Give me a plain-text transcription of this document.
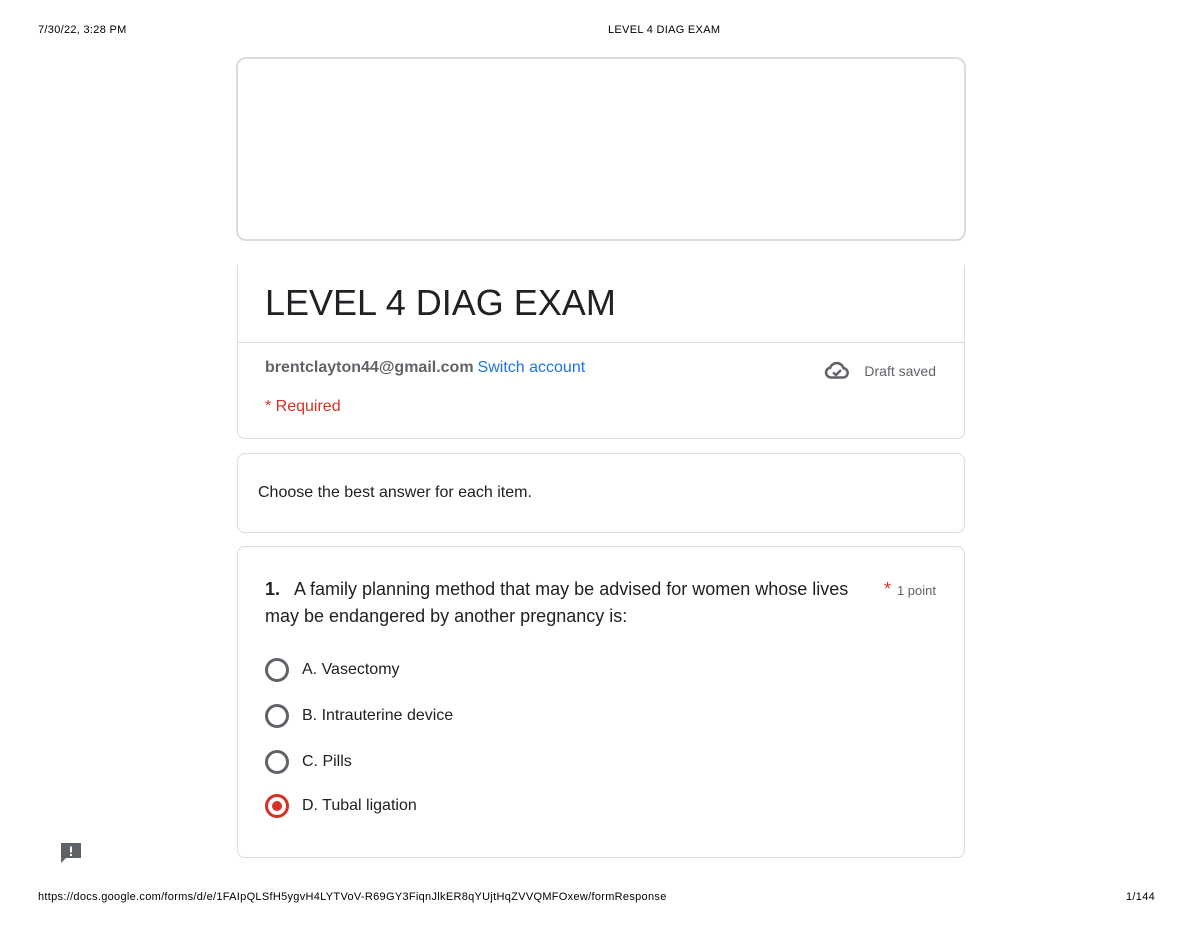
7/30/22, 3:28 PM	LEVEL 4 DIAG EXAM
LEVEL 4 DIAG EXAM
brentclayton44@gmail.com Switch account	Draft saved
* Required
Choose the best answer for each item.
1. A family planning method that may be advised for women whose lives may be endangered by another pregnancy is:
* 1 point
A. Vasectomy
B. Intrauterine device
C. Pills
D. Tubal ligation
https://docs.google.com/forms/d/e/1FAIpQLSfH5ygvH4LYTVoV-R69GY3FiqnJlkER8qYUjtHqZVVQMFOxew/formResponse	1/144
